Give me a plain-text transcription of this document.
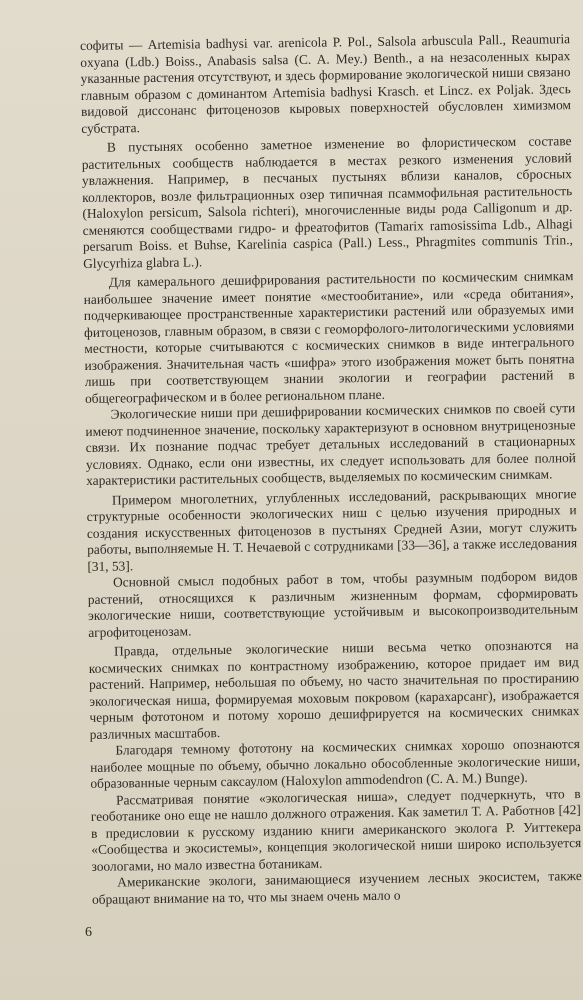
софиты — Artemisia badhysi var. arenicola P. Pol., Salsola arbuscula Pall., Reaumuria oxyana (Ldb.) Boiss., Anabasis salsa (C. A. Mey.) Benth., а на незасоленных кырах указанные растения отсутствуют, и здесь формирование экологической ниши связано главным образом с доминантом Artemisia badhysi Krasch. et Lincz. ex Poljak. Здесь видовой диссонанс фитоценозов кыровых поверхностей обусловлен химизмом субстрата.

В пустынях особенно заметное изменение во флористическом составе растительных сообществ наблюдается в местах резкого изменения условий увлажнения. Например, в песчаных пустынях вблизи каналов, сбросных коллекторов, возле фильтрационных озер типичная псаммофильная растительность (Haloxylon persicum, Salsola richteri), многочисленные виды рода Calligonum и др. сменяются сообществами гидро- и фреатофитов (Tamarix ramosissima Ldb., Alhagi persarum Boiss. et Buhse, Karelinia caspica (Pall.) Less., Phragmites communis Trin., Glycyrhiza glabra L.).

Для камерального дешифрирования растительности по космическим снимкам наибольшее значение имеет понятие «местообитание», или «среда обитания», подчеркивающее пространственные характеристики растений или образуемых ими фитоценозов, главным образом, в связи с геоморфолого-литологическими условиями местности, которые считываются с космических снимков в виде интегрального изображения. Значительная часть «шифра» этого изображения может быть понятна лишь при соответствующем знании экологии и географии растений в общегеографическом и в более региональном плане.

Экологические ниши при дешифрировании космических снимков по своей сути имеют подчиненное значение, поскольку характеризуют в основном внутриценозные связи. Их познание подчас требует детальных исследований в стационарных условиях. Однако, если они известны, их следует использовать для более полной характеристики растительных сообществ, выделяемых по космическим снимкам.

Примером многолетних, углубленных исследований, раскрывающих многие структурные особенности экологических ниш с целью изучения природных и создания искусственных фитоценозов в пустынях Средней Азии, могут служить работы, выполняемые Н. Т. Нечаевой с сотрудниками [33—36], а также исследования [31, 53].

Основной смысл подобных работ в том, чтобы разумным подбором видов растений, относящихся к различным жизненным формам, сформировать экологические ниши, соответствующие устойчивым и высокопроизводительным агрофитоценозам.

Правда, отдельные экологические ниши весьма четко опознаются на космических снимках по контрастному изображению, которое придает им вид растений. Например, небольшая по объему, но часто значительная по простиранию экологическая ниша, формируемая моховым покровом (карахарсанг), изображается черным фототоном и потому хорошо дешифрируется на космических снимках различных масштабов.

Благодаря темному фототону на космических снимках хорошо опознаются наиболее мощные по объему, обычно локально обособленные экологические ниши, образованные черным саксаулом (Haloxylon ammodendron (C. A. M.) Bunge).

Рассматривая понятие «экологическая ниша», следует подчеркнуть, что в геоботанике оно еще не нашло должного отражения. Как заметил Т. А. Работнов [42] в предисловии к русскому изданию книги американского эколога Р. Уиттекера «Сообщества и экосистемы», концепция экологической ниши широко используется зоологами, но мало известна ботаникам.

Американские экологи, занимающиеся изучением лесных экосистем, также обращают внимание на то, что мы знаем очень мало о

6
